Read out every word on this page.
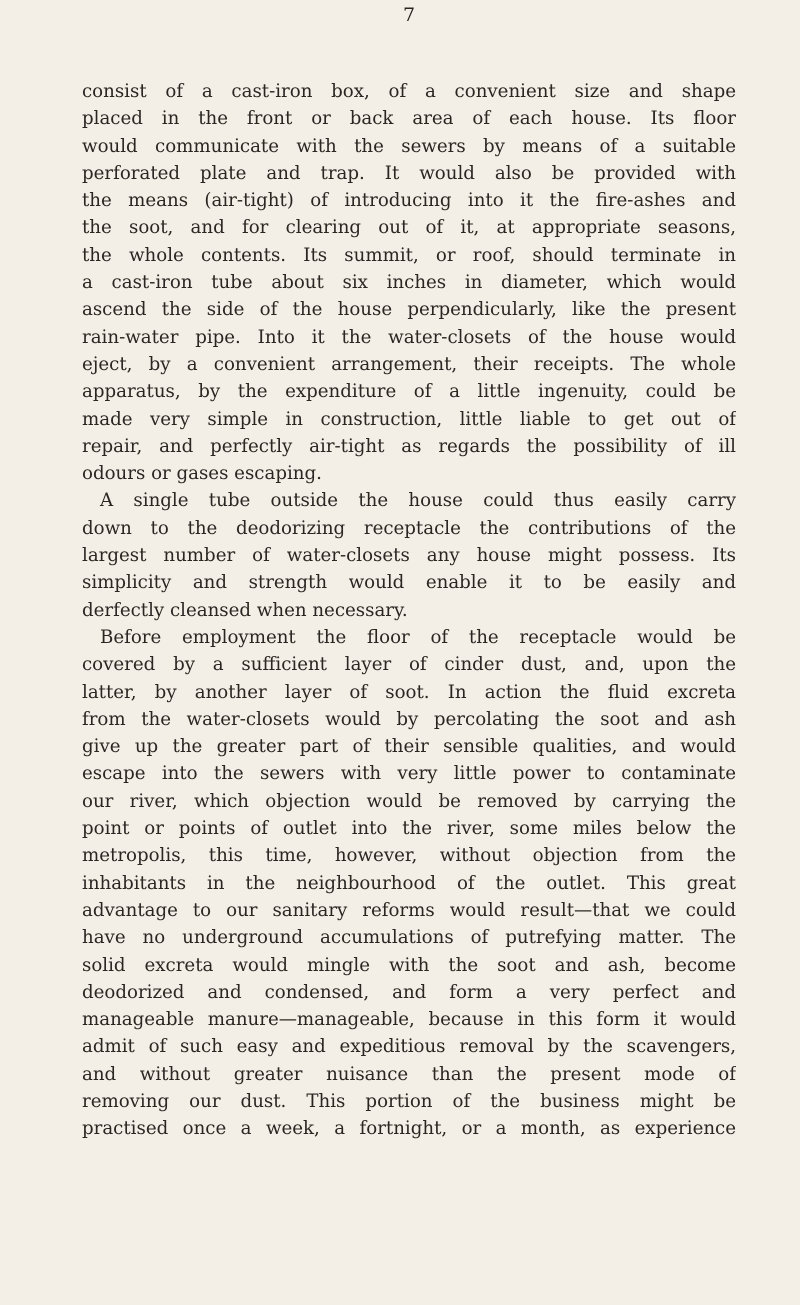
7
consist of a cast-iron box, of a convenient size and shape
placed in the front or back area of each house. Its floor
would communicate with the sewers by means of a suitable
perforated plate and trap. It would also be provided with
the means (air-tight) of introducing into it the fire-ashes and
the soot, and for clearing out of it, at appropriate seasons,
the whole contents. Its summit, or roof, should terminate in
a cast-iron tube about six inches in diameter, which would
ascend the side of the house perpendicularly, like the present
rain-water pipe. Into it the water-closets of the house would
eject, by a convenient arrangement, their receipts. The whole
apparatus, by the expenditure of a little ingenuity, could be
made very simple in construction, little liable to get out of
repair, and perfectly air-tight as regards the possibility of ill
odours or gases escaping.
A single tube outside the house could thus easily carry
down to the deodorizing receptacle the contributions of the
largest number of water-closets any house might possess. Its
simplicity and strength would enable it to be easily and
derfectly cleansed when necessary.
Before employment the floor of the receptacle would be
covered by a sufficient layer of cinder dust, and, upon the
latter, by another layer of soot. In action the fluid excreta
from the water-closets would by percolating the soot and ash
give up the greater part of their sensible qualities, and would
escape into the sewers with very little power to contaminate
our river, which objection would be removed by carrying the
point or points of outlet into the river, some miles below the
metropolis, this time, however, without objection from the
inhabitants in the neighbourhood of the outlet. This great
advantage to our sanitary reforms would result—that we could
have no underground accumulations of putrefying matter. The
solid excreta would mingle with the soot and ash, become
deodorized and condensed, and form a very perfect and
manageable manure—manageable, because in this form it would
admit of such easy and expeditious removal by the scavengers,
and without greater nuisance than the present mode of
removing our dust. This portion of the business might be
practised once a week, a fortnight, or a month, as experience
